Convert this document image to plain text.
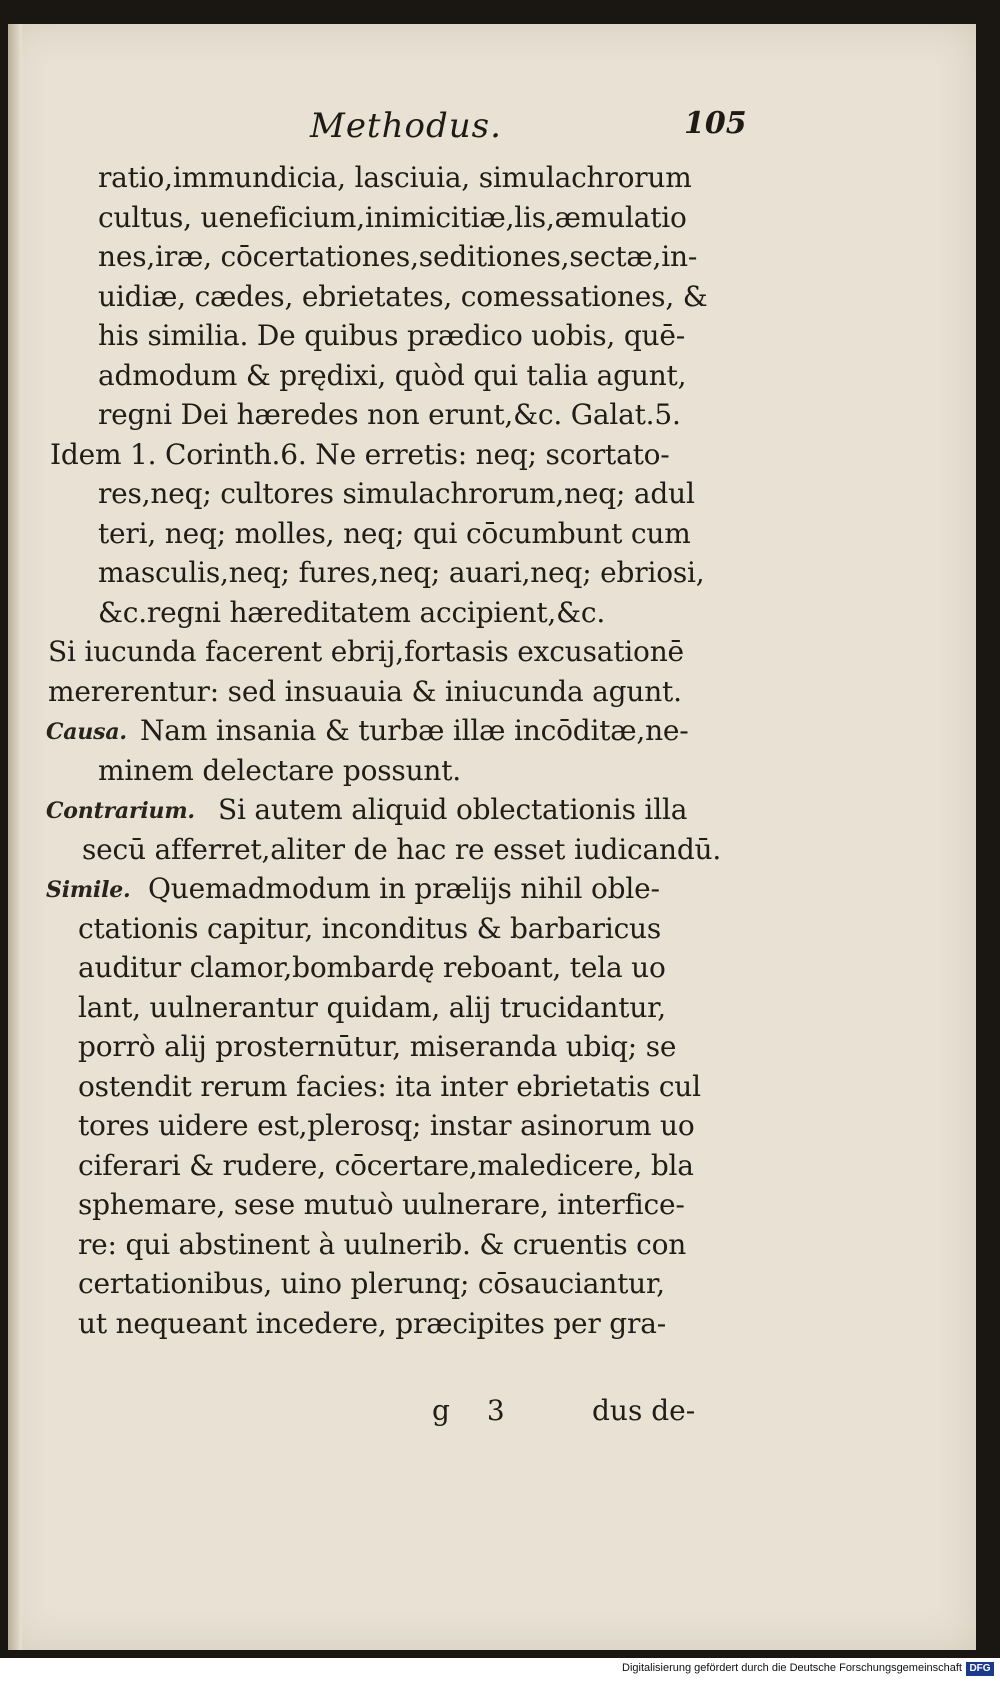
Methodus.	105
ratio,immundicia, lasciuia, simulachrorum
cultus, ueneficium,inimicitiæ,lis,æmulatio
nes,iræ, cōcertationes,seditiones,sectæ,in-
uidiæ, cædes, ebrietates, comessationes, &
his similia. De quibus prædico uobis, quē-
admodum & prędixi, quòd qui talia agunt,
regni Dei hæredes non erunt,&c. Galat.5.
Idem 1. Corinth.6. Ne erretis: neq; scortato-
res,neq; cultores simulachrorum,neq; adul
teri, neq; molles, neq; qui cōcumbunt cum
masculis,neq; fures,neq; auari,neq; ebriosi,
&c.regni hæreditatem accipient,&c.
Si iucunda facerent ebrij,fortasis excusationē
mererentur: sed insuauia & iniucunda agunt.
Causa. Nam insania & turbæ illæ incōditæ,ne-
minem delectare possunt.
Contrarium. Si autem aliquid oblectationis illa
secū afferret,aliter de hac re esset iudicandū.
Simile. Quemadmodum in prælijs nihil oble-
ctationis capitur, inconditus & barbaricus
auditur clamor,bombardę reboant, tela uo
lant, uulnerantur quidam, alij trucidantur,
porrò alij prosternūtur, miseranda ubiq; se
ostendit rerum facies: ita inter ebrietatis cul
tores uidere est,plerosq; instar asinorum uo
ciferari & rudere, cōcertare,maledicere, bla
sphemare, sese mutuò uulnerare, interfice-
re: qui abstinent à uulnerib. & cruentis con
certationibus, uino plerunq; cōsauciantur,
ut nequeant incedere, præcipites per gra-
g 3	dus de-
Digitalisierung gefördert durch die Deutsche Forschungsgemeinschaft DFG
